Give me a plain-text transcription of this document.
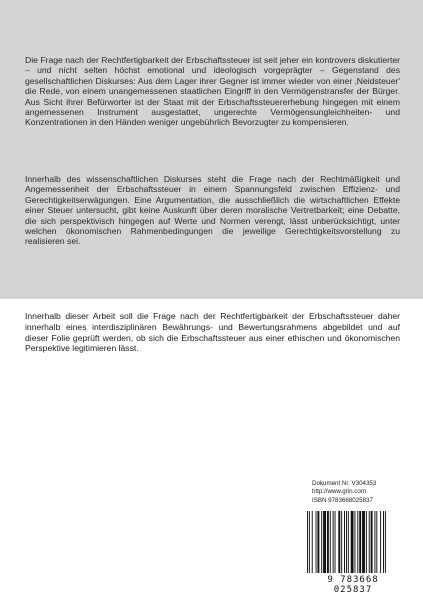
Die Frage nach der Rechtfertigbarkeit der Erbschaftssteuer ist seit jeher ein kontrovers diskutierter – und nicht selten höchst emotional und ideologisch vorgeprägter – Gegenstand des gesellschaftlichen Diskurses: Aus dem Lager ihrer Gegner ist immer wieder von einer ‚Neidsteuer' die Rede, von einem unangemessenen staatlichen Eingriff in den Vermögenstransfer der Bürger. Aus Sicht ihrer Befürworter ist der Staat mit der Erbschaftssteuererhebung hingegen mit einem angemessenen Instrument ausgestattet, ungerechte Vermögensungleichheiten- und Konzentrationen in den Händen weniger ungebührlich Bevorzugter zu kompensieren.

Innerhalb des wissenschaftlichen Diskurses steht die Frage nach der Rechtmäßigkeit und Angemessenheit der Erbschaftssteuer in einem Spannungsfeld zwischen Effizienz- und Gerechtigkeitserwägungen. Eine Argumentation, die ausschließlich die wirtschaftlichen Effekte einer Steuer untersucht, gibt keine Auskunft über deren moralische Vertretbarkeit; eine Debatte, die sich perspektivisch hingegen auf Werte und Normen verengt, lässt unberücksichtigt, unter welchen ökonomischen Rahmenbedingungen die jeweilige Gerechtigkeitsvorstellung zu realisieren sei.

Innerhalb dieser Arbeit soll die Frage nach der Rechtfertigbarkeit der Erbschaftssteuer daher innerhalb eines interdisziplinären Bewährungs- und Bewertungsrahmens abgebildet und auf dieser Folie geprüft werden, ob sich die Erbschaftssteuer aus einer ethischen und ökonomischen Perspektive legitimieren lässt.

Dokument Nr. V304353
http://www.grin.com
ISBN 9783668025837
9 783668 025837
